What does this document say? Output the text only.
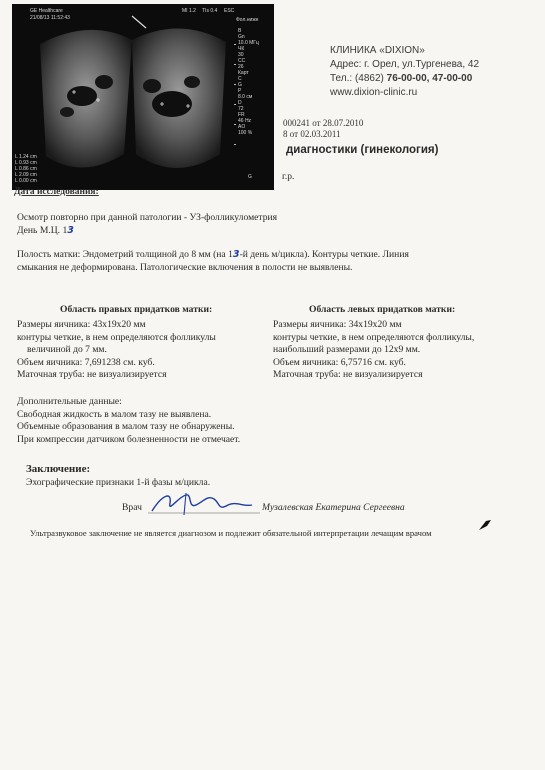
GE Healthcare
21/08/13 11:52:43
MI 1.2 TIs 0.4 ESC
Фол.нижн
B
Gn
10.0 МГц
ЧК
30
СС
26
Карт
C
G
P
8.0 см
D
72
FR
46 Hz
AO
100 %
L 1.24 cm
L 0.93 cm
L 0.86 cm
L 2.09 cm
L 0.00 cm
G
КЛИНИКА «DIXION»
Адрес: г. Орел, ул.Тургенева, 42
Тел.: (4862) 76-00-00, 47-00-00
www.dixion-clinic.ru
000241 от 28.07.2010
8 от 02.03.2011
диагностики (гинекология)
г.р.
Дата исследования:
Осмотр повторно при данной патологии - УЗ-фолликулометрия
День М.Ц. 13
Полость матки: Эндометрий толщиной до 8 мм (на 13-й день м/цикла). Контуры четкие. Линия
смыкания не деформирована. Патологические включения в полости не выявлены.
Область правых придатков матки:
Размеры яичника: 43х19х20 мм
контуры четкие, в нем определяются фолликулы
величиной до 7 мм.
Объем яичника: 7,691238 см. куб.
Маточная труба: не визуализируется
Область левых придатков матки:
Размеры яичника: 34х19х20 мм
контуры четкие, в нем определяются фолликулы,
наибольший размерами до 12х9 мм.
Объем яичника: 6,75716 см. куб.
Маточная труба: не визуализируется
Дополнительные данные:
Свободная жидкость в малом тазу не выявлена.
Объемные образования в малом тазу не обнаружены.
При компрессии датчиком болезненности не отмечает.
Заключение:
Эхографические признаки 1-й фазы м/цикла.
Врач	Музалевская Екатерина Сергеевна
Ультразвуковое заключение не является диагнозом и подлежит обязательной интерпретации лечащим врачом
